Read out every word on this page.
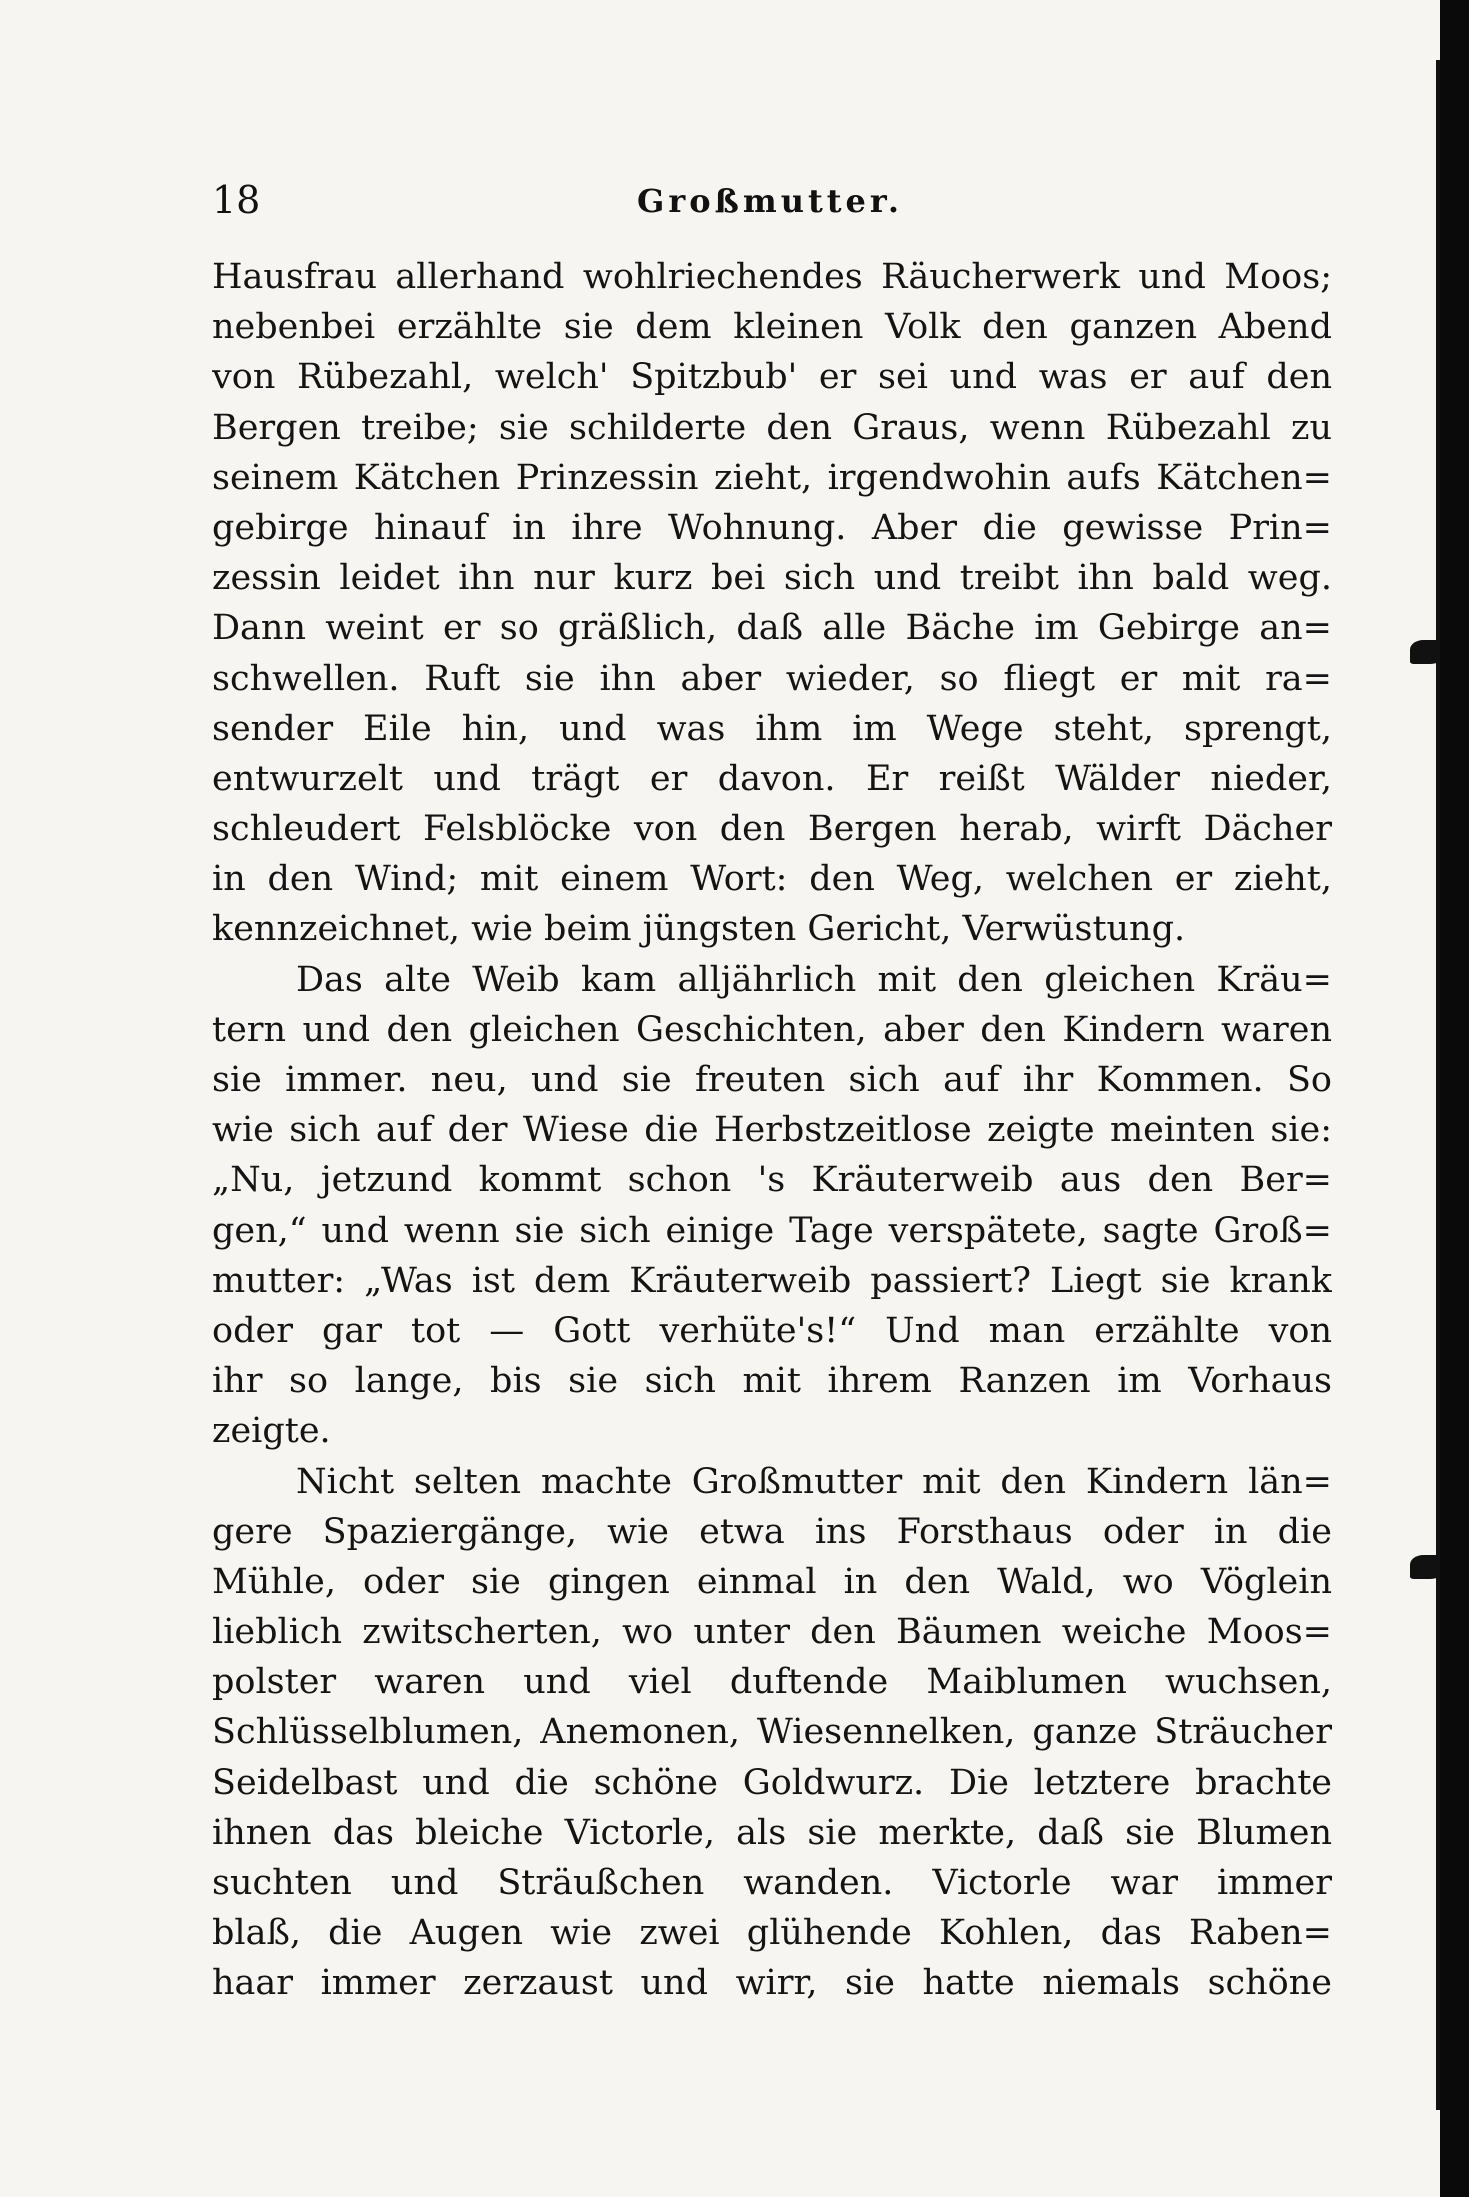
18	Großmutter.
Hausfrau allerhand wohlriechendes Räucherwerk und Moos;
nebenbei erzählte sie dem kleinen Volk den ganzen Abend
von Rübezahl, welch' Spitzbub' er sei und was er auf den
Bergen treibe; sie schilderte den Graus, wenn Rübezahl zu
seinem Kätchen Prinzessin zieht, irgendwohin aufs Kätchen=
gebirge hinauf in ihre Wohnung. Aber die gewisse Prin=
zessin leidet ihn nur kurz bei sich und treibt ihn bald weg.
Dann weint er so gräßlich, daß alle Bäche im Gebirge an=
schwellen. Ruft sie ihn aber wieder, so fliegt er mit ra=
sender Eile hin, und was ihm im Wege steht, sprengt,
entwurzelt und trägt er davon. Er reißt Wälder nieder,
schleudert Felsblöcke von den Bergen herab, wirft Dächer
in den Wind; mit einem Wort: den Weg, welchen er zieht,
kennzeichnet, wie beim jüngsten Gericht, Verwüstung.
Das alte Weib kam alljährlich mit den gleichen Kräu=
tern und den gleichen Geschichten, aber den Kindern waren
sie immer. neu, und sie freuten sich auf ihr Kommen. So
wie sich auf der Wiese die Herbstzeitlose zeigte meinten sie:
„Nu, jetzund kommt schon 's Kräuterweib aus den Ber=
gen,“ und wenn sie sich einige Tage verspätete, sagte Groß=
mutter: „Was ist dem Kräuterweib passiert? Liegt sie krank
oder gar tot — Gott verhüte's!“ Und man erzählte von
ihr so lange, bis sie sich mit ihrem Ranzen im Vorhaus
zeigte.
Nicht selten machte Großmutter mit den Kindern län=
gere Spaziergänge, wie etwa ins Forsthaus oder in die
Mühle, oder sie gingen einmal in den Wald, wo Vöglein
lieblich zwitscherten, wo unter den Bäumen weiche Moos=
polster waren und viel duftende Maiblumen wuchsen,
Schlüsselblumen, Anemonen, Wiesennelken, ganze Sträucher
Seidelbast und die schöne Goldwurz. Die letztere brachte
ihnen das bleiche Victorle, als sie merkte, daß sie Blumen
suchten und Sträußchen wanden. Victorle war immer
blaß, die Augen wie zwei glühende Kohlen, das Raben=
haar immer zerzaust und wirr, sie hatte niemals schöne
